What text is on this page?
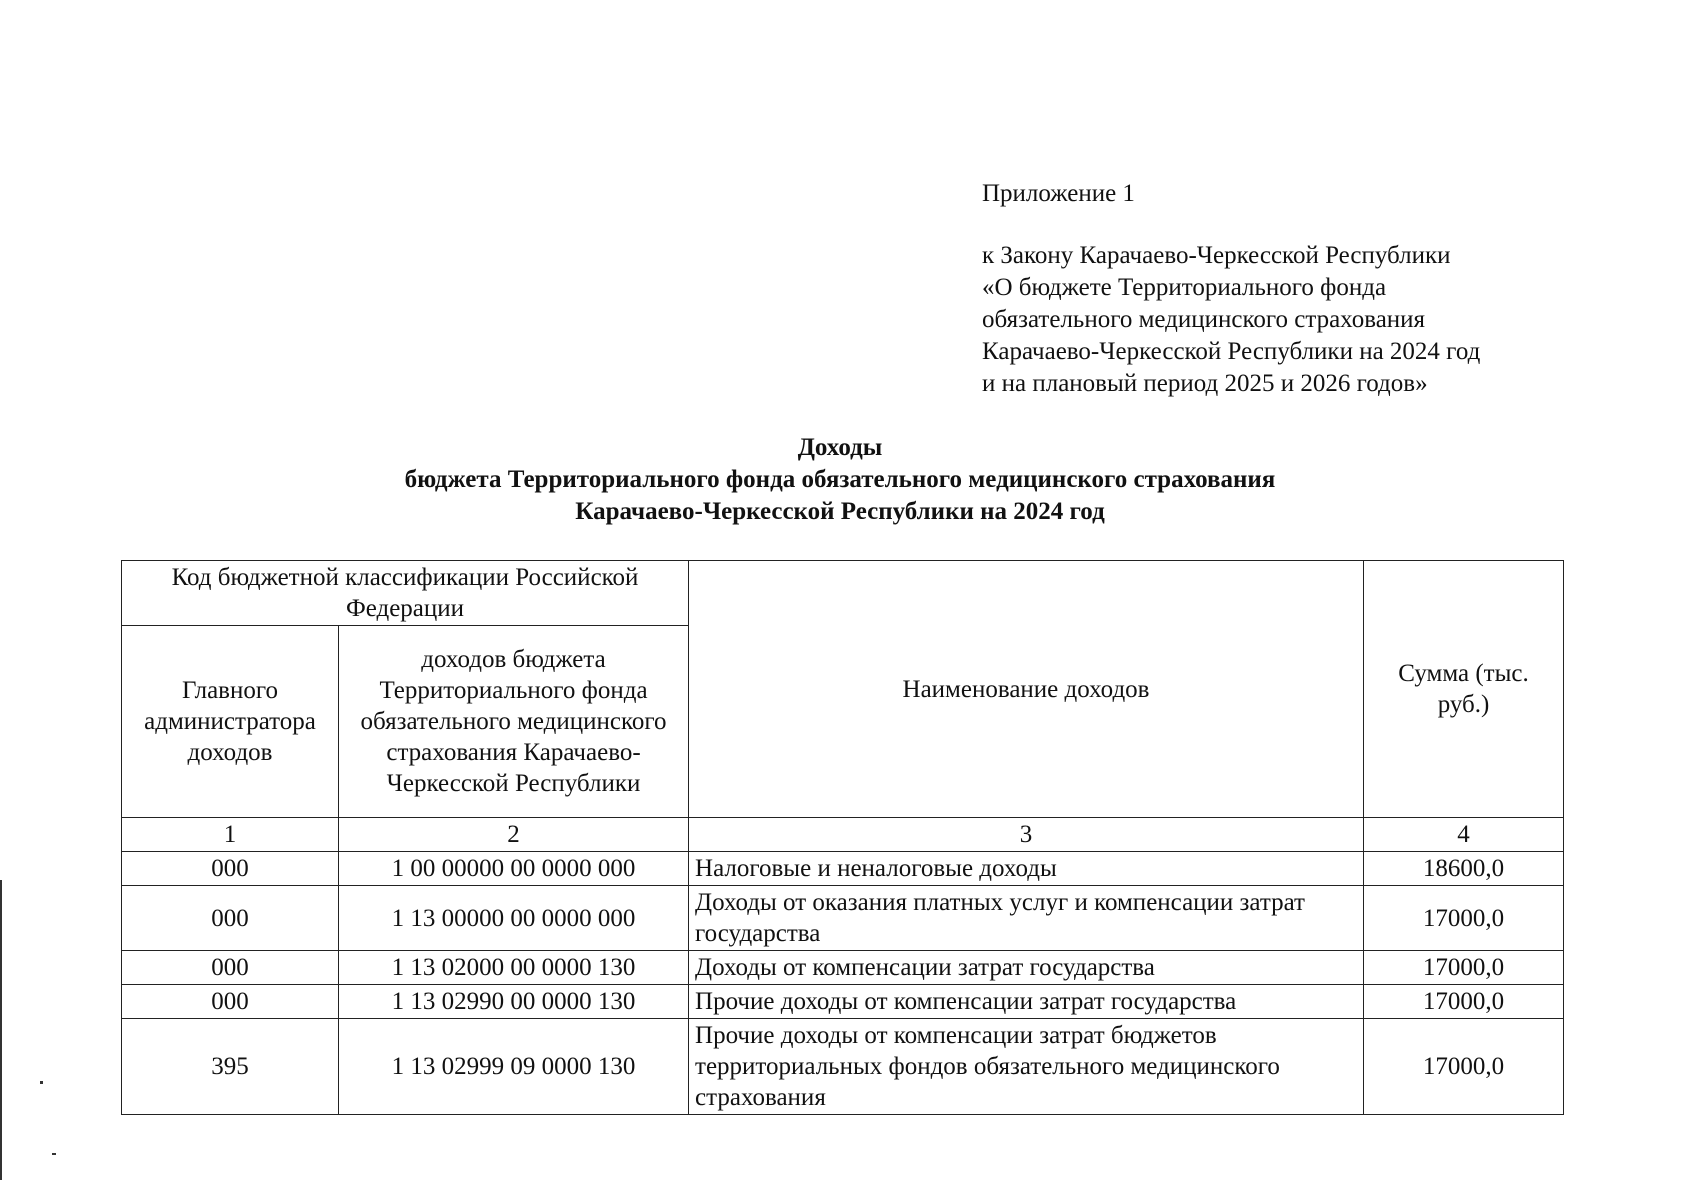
Приложение 1
к Закону Карачаево-Черкесской Республики
«О бюджете Территориального фонда
обязательного медицинского страхования
Карачаево-Черкесской Республики на 2024 год
и на плановый период 2025 и 2026 годов»
Доходы
бюджета Территориального фонда обязательного медицинского страхования
Карачаево-Черкесской Республики на 2024 год
Код бюджетной классификации Российской Федерации		Наименование доходов	Сумма (тыс. руб.)
Главного администратора доходов	доходов бюджета Территориального фонда обязательного медицинского страхования Карачаево-Черкесской Республики		
1	2	3	4
000	1 00 00000 00 0000 000	Налоговые и неналоговые доходы	18600,0
000	1 13 00000 00 0000 000	Доходы от оказания платных услуг и компенсации затрат государства	17000,0
000	1 13 02000 00 0000 130	Доходы от компенсации затрат государства	17000,0
000	1 13 02990 00 0000 130	Прочие доходы от компенсации затрат государства	17000,0
395	1 13 02999 09 0000 130	Прочие доходы от компенсации затрат бюджетов территориальных фондов обязательного медицинского страхования	17000,0
